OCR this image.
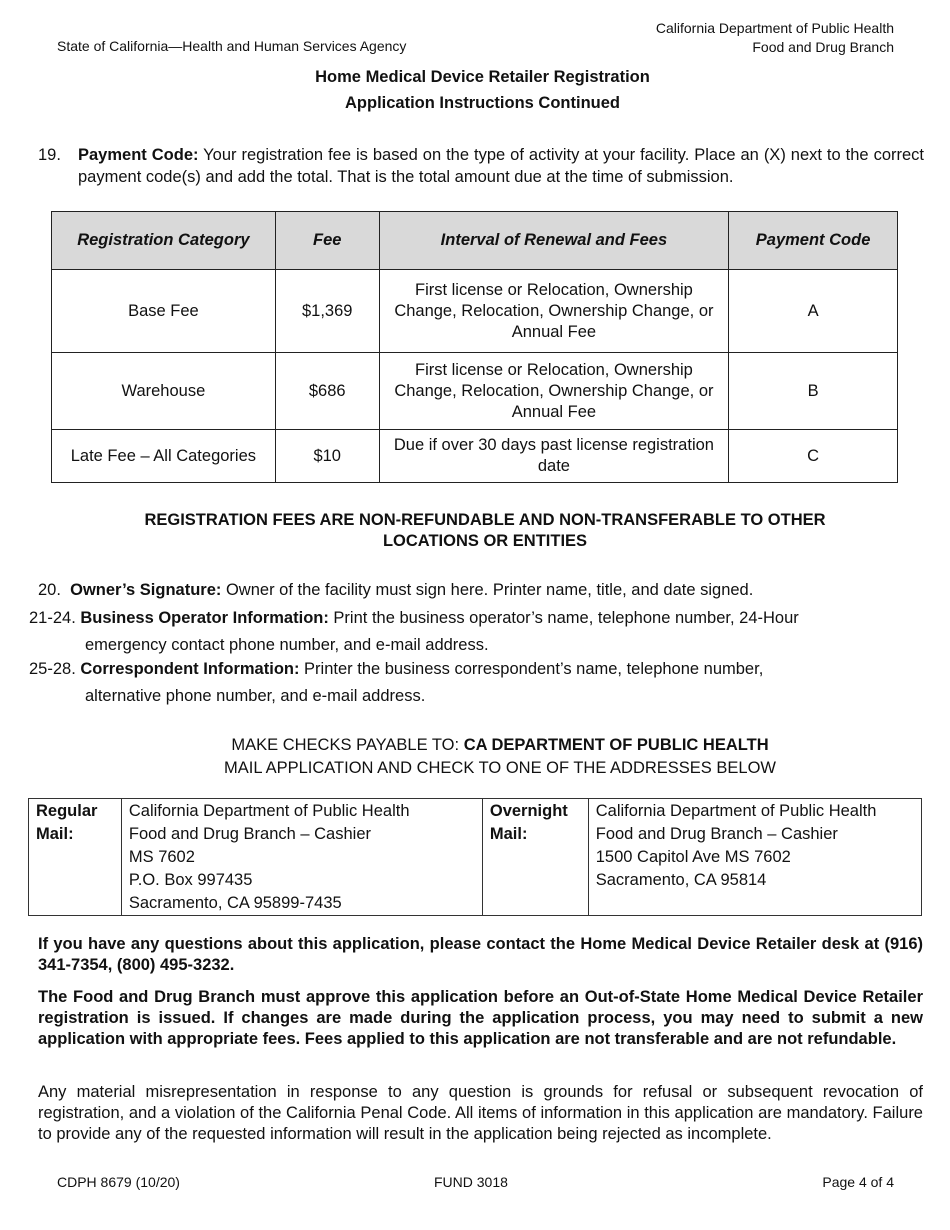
State of California—Health and Human Services Agency
California Department of Public Health
Food and Drug Branch
Home Medical Device Retailer Registration
Application Instructions Continued
19. Payment Code: Your registration fee is based on the type of activity at your facility. Place an (X) next to the correct payment code(s) and add the total. That is the total amount due at the time of submission.
Registration Category	Fee	Interval of Renewal and Fees	Payment Code
Base Fee	$1,369	First license or Relocation, Ownership Change, Relocation, Ownership Change, or Annual Fee	A
Warehouse	$686	First license or Relocation, Ownership Change, Relocation, Ownership Change, or Annual Fee	B
Late Fee – All Categories	$10	Due if over 30 days past license registration date	C
REGISTRATION FEES ARE NON-REFUNDABLE AND NON-TRANSFERABLE TO OTHER LOCATIONS OR ENTITIES
20. Owner’s Signature: Owner of the facility must sign here. Printer name, title, and date signed.
21-24. Business Operator Information: Print the business operator’s name, telephone number, 24-Hour
emergency contact phone number, and e-mail address.
25-28. Correspondent Information: Printer the business correspondent’s name, telephone number,
alternative phone number, and e-mail address.
MAKE CHECKS PAYABLE TO: CA DEPARTMENT OF PUBLIC HEALTH
MAIL APPLICATION AND CHECK TO ONE OF THE ADDRESSES BELOW
Regular
Mail:

California Department of Public Health
Food and Drug Branch – Cashier
MS 7602
P.O. Box 997435
Sacramento, CA 95899-7435

Overnight
Mail:

California Department of Public Health
Food and Drug Branch – Cashier
1500 Capitol Ave MS 7602
Sacramento, CA 95814
If you have any questions about this application, please contact the Home Medical Device Retailer desk at (916) 341-7354, (800) 495-3232.
The Food and Drug Branch must approve this application before an Out-of-State Home Medical Device Retailer registration is issued. If changes are made during the application process, you may need to submit a new application with appropriate fees. Fees applied to this application are not transferable and are not refundable.
Any material misrepresentation in response to any question is grounds for refusal or subsequent revocation of registration, and a violation of the California Penal Code. All items of information in this application are mandatory. Failure to provide any of the requested information will result in the application being rejected as incomplete.
CDPH 8679 (10/20)	FUND 3018	Page 4 of 4
